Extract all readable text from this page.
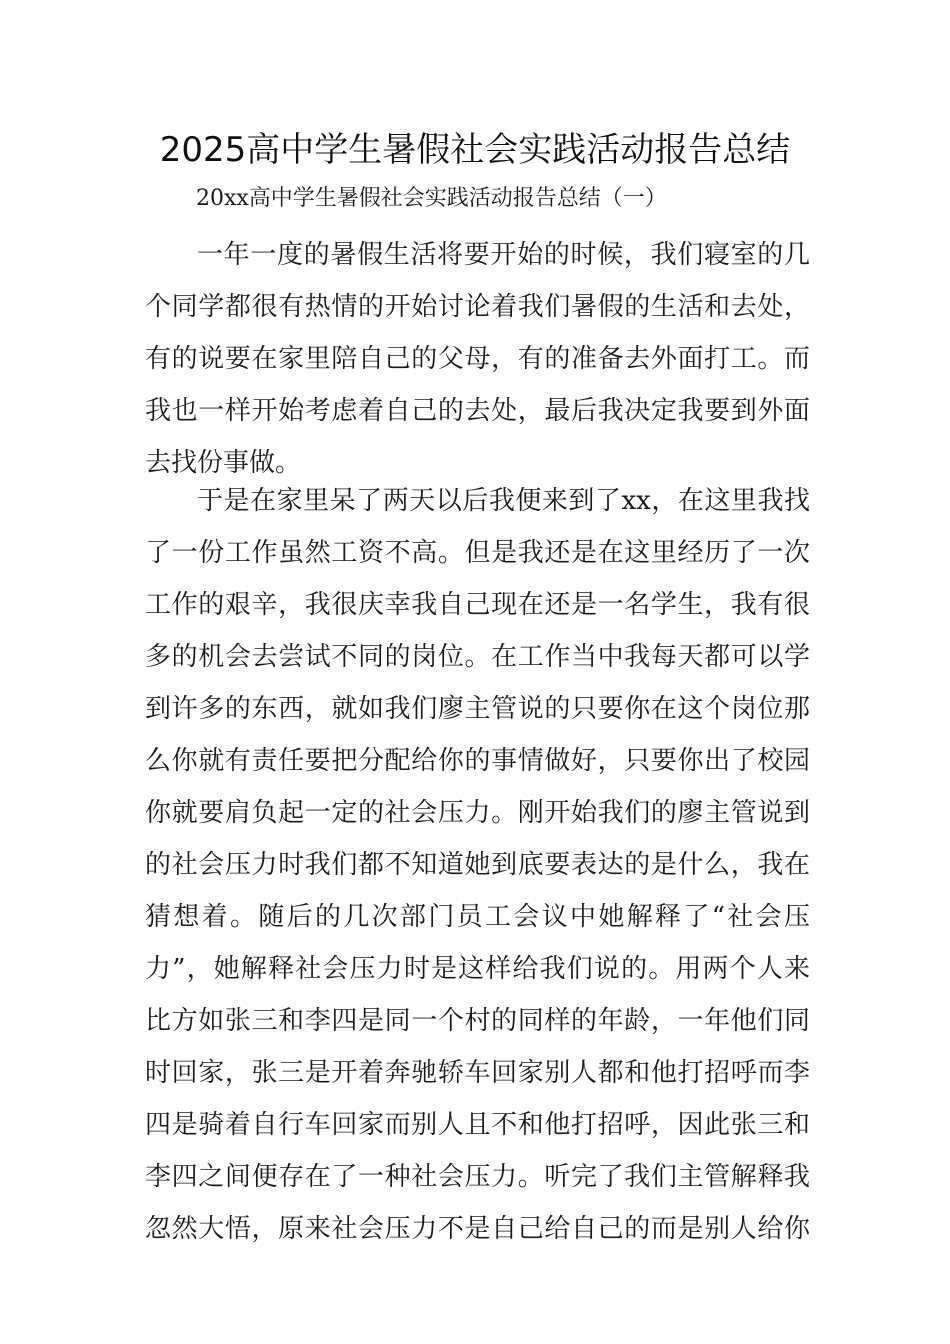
2025高中学生暑假社会实践活动报告总结
20xx高中学生暑假社会实践活动报告总结（一）
一年一度的暑假生活将要开始的时候，我们寝室的几
个同学都很有热情的开始讨论着我们暑假的生活和去处，
有的说要在家里陪自己的父母，有的准备去外面打工。而
我也一样开始考虑着自己的去处，最后我决定我要到外面
去找份事做。
于是在家里呆了两天以后我便来到了xx，在这里我找
了一份工作虽然工资不高。但是我还是在这里经历了一次
工作的艰辛，我很庆幸我自己现在还是一名学生，我有很
多的机会去尝试不同的岗位。在工作当中我每天都可以学
到许多的东西，就如我们廖主管说的只要你在这个岗位那
么你就有责任要把分配给你的事情做好，只要你出了校园
你就要肩负起一定的社会压力。刚开始我们的廖主管说到
的社会压力时我们都不知道她到底要表达的是什么，我在
猜想着。随后的几次部门员工会议中她解释了“社会压
力”，她解释社会压力时是这样给我们说的。用两个人来
比方如张三和李四是同一个村的同样的年龄，一年他们同
时回家，张三是开着奔驰轿车回家别人都和他打招呼而李
四是骑着自行车回家而别人且不和他打招呼，因此张三和
李四之间便存在了一种社会压力。听完了我们主管解释我
忽然大悟，原来社会压力不是自己给自己的而是别人给你
